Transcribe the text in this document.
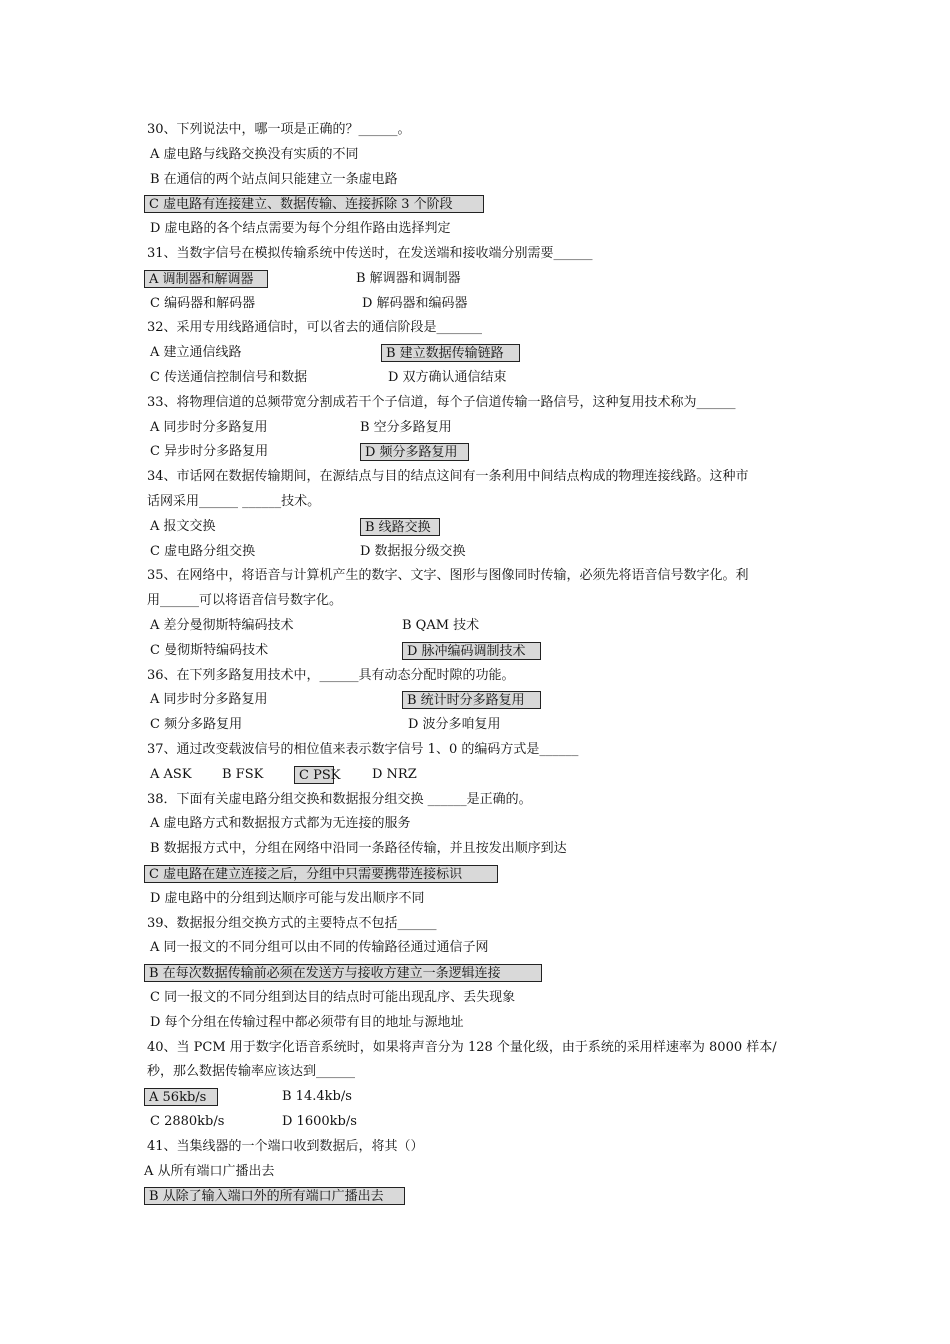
30、下列说法中，哪一项是正确的？______。
A 虚电路与线路交换没有实质的不同
B 在通信的两个站点间只能建立一条虚电路
C 虚电路有连接建立、数据传输、连接拆除 3 个阶段
D 虚电路的各个结点需要为每个分组作路由选择判定
31、当数字信号在模拟传输系统中传送时，在发送端和接收端分别需要______
A 调制器和解调器	B 解调器和调制器
C 编码器和解码器	D 解码器和编码器
32、采用专用线路通信时，可以省去的通信阶段是_______
A 建立通信线路	B 建立数据传输链路
C 传送通信控制信号和数据	D 双方确认通信结束
33、将物理信道的总频带宽分割成若干个子信道，每个子信道传输一路信号，这种复用技术称为______
A 同步时分多路复用	B 空分多路复用
C 异步时分多路复用	D 频分多路复用
34、市话网在数据传输期间，在源结点与目的结点这间有一条利用中间结点构成的物理连接线路。这种市
话网采用______ ______技术。
A 报文交换	B 线路交换
C 虚电路分组交换	D 数据报分级交换
35、在网络中，将语音与计算机产生的数字、文字、图形与图像同时传输，必须先将语音信号数字化。利
用______可以将语音信号数字化。
A 差分曼彻斯特编码技术	B QAM 技术
C 曼彻斯特编码技术	D 脉冲编码调制技术
36、在下列多路复用技术中，______具有动态分配时隙的功能。
A 同步时分多路复用	B 统计时分多路复用
C 频分多路复用	D 波分多咱复用
37、通过改变载波信号的相位值来表示数字信号 1、0 的编码方式是______
A ASK B FSK	C PSK D NRZ
38．下面有关虚电路分组交换和数据报分组交换 ______是正确的。
A 虚电路方式和数据报方式都为无连接的服务
B 数据报方式中，分组在网络中沿同一条路径传输，并且按发出顺序到达
C 虚电路在建立连接之后，分组中只需要携带连接标识
D 虚电路中的分组到达顺序可能与发出顺序不同
39、数据报分组交换方式的主要特点不包括______
A 同一报文的不同分组可以由不同的传输路径通过通信子网
B 在每次数据传输前必须在发送方与接收方建立一条逻辑连接
C 同一报文的不同分组到达目的结点时可能出现乱序、丢失现象
D 每个分组在传输过程中都必须带有目的地址与源地址
40、当 PCM 用于数字化语音系统时，如果将声音分为 128 个量化级，由于系统的采用样速率为 8000 样本/
秒，那么数据传输率应该达到______
A 56kb/s	B 14.4kb/s
C 2880kb/s	D 1600kb/s
41、当集线器的一个端口收到数据后，将其（）
A 从所有端口广播出去
B 从除了输入端口外的所有端口广播出去
